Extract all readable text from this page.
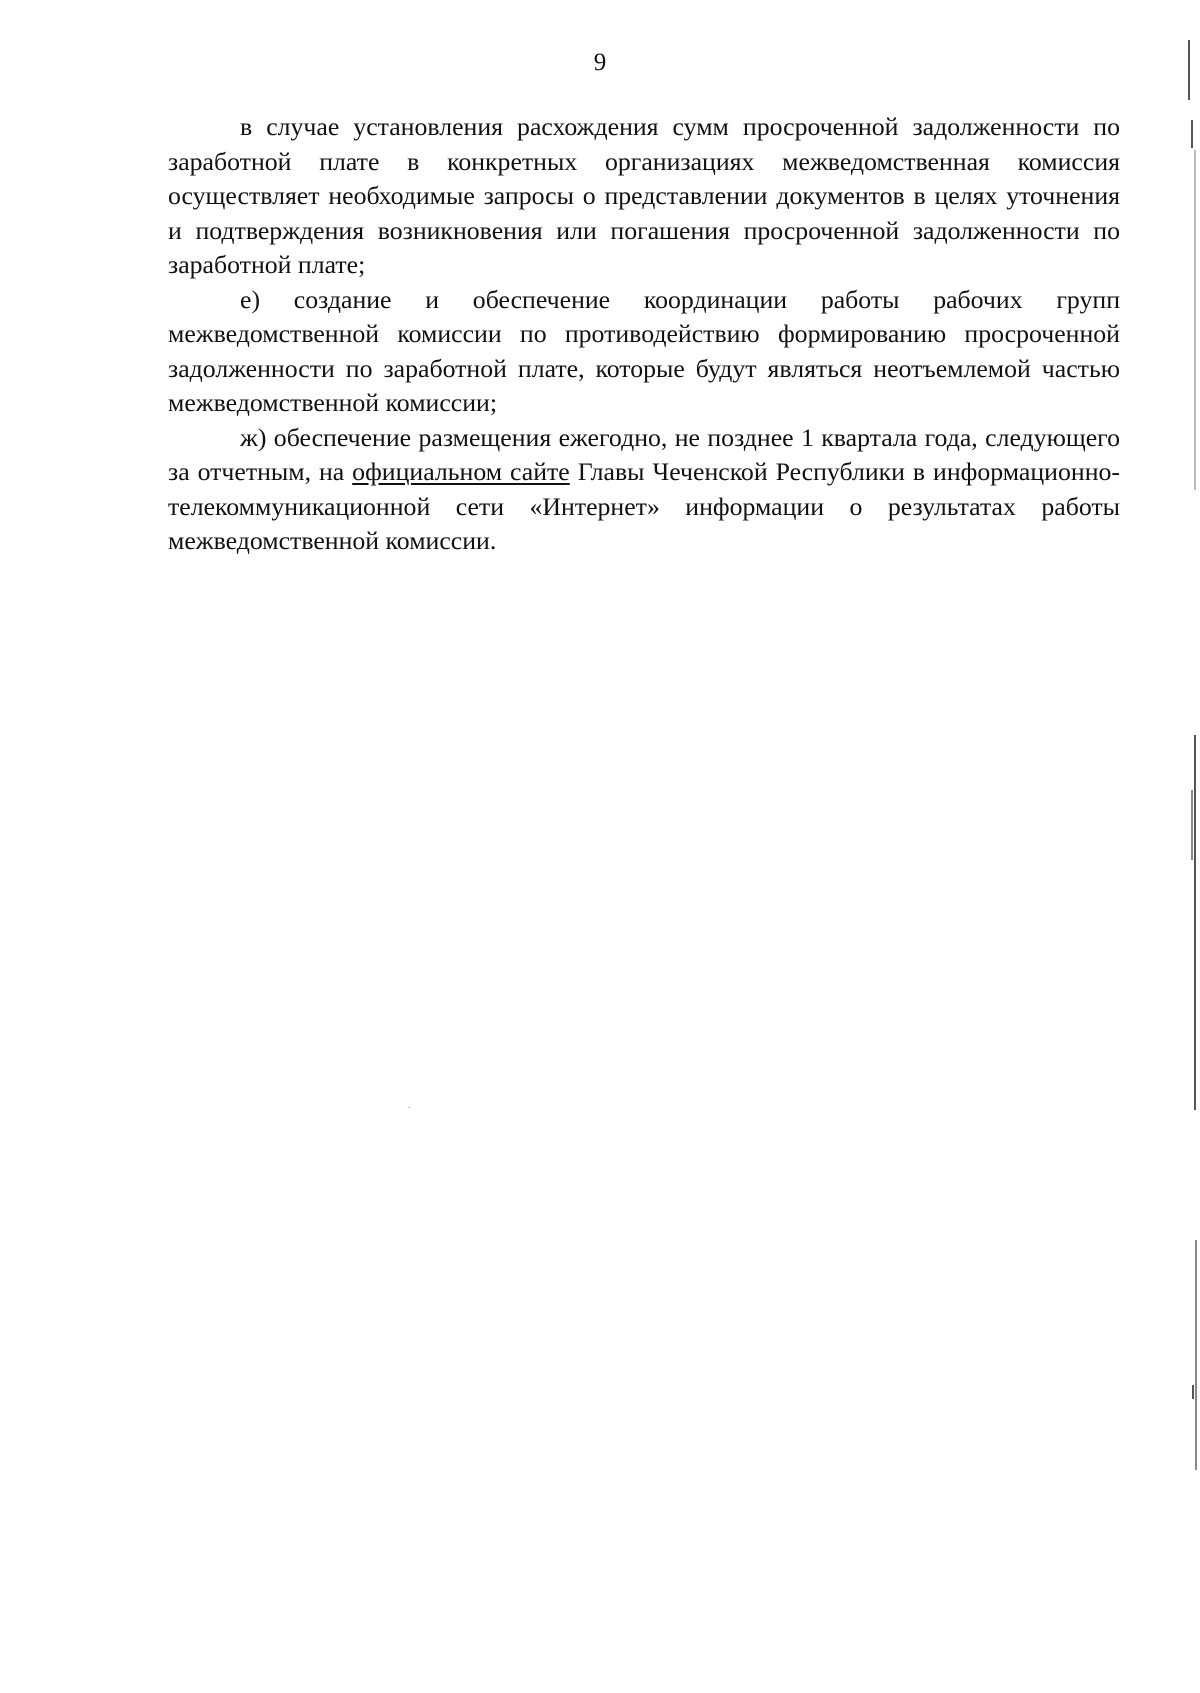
9

в случае установления расхождения сумм просроченной задолженности по заработной плате в конкретных организациях межведомственная комиссия осуществляет необходимые запросы о представлении документов в целях уточнения и подтверждения возникновения или погашения просроченной задолженности по заработной плате;

е) создание и обеспечение координации работы рабочих групп межведомственной комиссии по противодействию формированию просроченной задолженности по заработной плате, которые будут являться неотъемлемой частью межведомственной комиссии;

ж) обеспечение размещения ежегодно, не позднее 1 квартала года, следующего за отчетным, на официальном сайте Главы Чеченской Республики в информационно-телекоммуникационной сети «Интернет» информации о результатах работы межведомственной комиссии.
